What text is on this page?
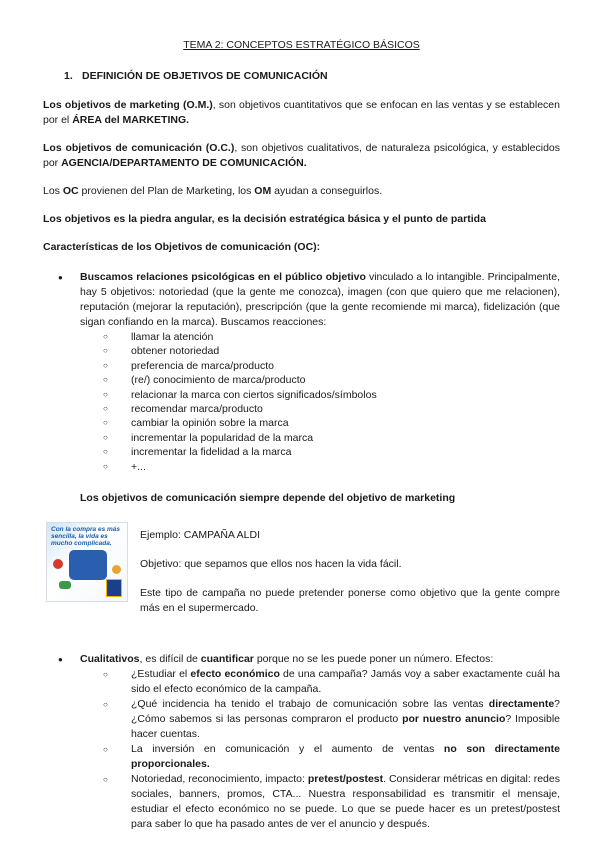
TEMA 2: CONCEPTOS ESTRATÉGICO BÁSICOS
1. DEFINICIÓN DE OBJETIVOS DE COMUNICACIÓN

Los objetivos de marketing (O.M.), son objetivos cuantitativos que se enfocan en las ventas y se establecen por el ÁREA del MARKETING.

Los objetivos de comunicación (O.C.), son objetivos cualitativos, de naturaleza psicológica, y establecidos por AGENCIA/DEPARTAMENTO DE COMUNICACIÓN.

Los OC provienen del Plan de Marketing, los OM ayudan a conseguirlos.

Los objetivos es la piedra angular, es la decisión estratégica básica y el punto de partida

Características de los Objetivos de comunicación (OC):

● Buscamos relaciones psicológicas en el público objetivo vinculado a lo intangible. Principalmente, hay 5 objetivos: notoriedad (que la gente me conozca), imagen (con que quiero que me relacionen), reputación (mejorar la reputación), prescripción (que la gente recomiende mi marca), fidelización (que sigan confiando en la marca). Buscamos reacciones:
○ llamar la atención
○ obtener notoriedad
○ preferencia de marca/producto
○ (re/) conocimiento de marca/producto
○ relacionar la marca con ciertos significados/símbolos
○ recomendar marca/producto
○ cambiar la opinión sobre la marca
○ incrementar la popularidad de la marca
○ incrementar la fidelidad a la marca
○ +...
Los objetivos de comunicación siempre depende del objetivo de marketing
Con la compra es más sencilla, la vida es mucho complicada.

Ejemplo: CAMPAÑA ALDI

Objetivo: que sepamos que ellos nos hacen la vida fácil.

Este tipo de campaña no puede pretender ponerse como objetivo que la gente compre más en el supermercado.

● Cualitativos, es difícil de cuantificar porque no se les puede poner un número. Efectos:
○ ¿Estudiar el efecto económico de una campaña? Jamás voy a saber exactamente cuál ha sido el efecto económico de la campaña.
○ ¿Qué incidencia ha tenido el trabajo de comunicación sobre las ventas directamente? ¿Cómo sabemos si las personas compraron el producto por nuestro anuncio? Imposible hacer cuentas.
○ La inversión en comunicación y el aumento de ventas no son directamente proporcionales.
○ Notoriedad, reconocimiento, impacto: pretest/postest. Considerar métricas en digital: redes sociales, banners, promos, CTA... Nuestra responsabilidad es transmitir el mensaje, estudiar el efecto económico no se puede. Lo que se puede hacer es un pretest/postest para saber lo que ha pasado antes de ver el anuncio y después.
